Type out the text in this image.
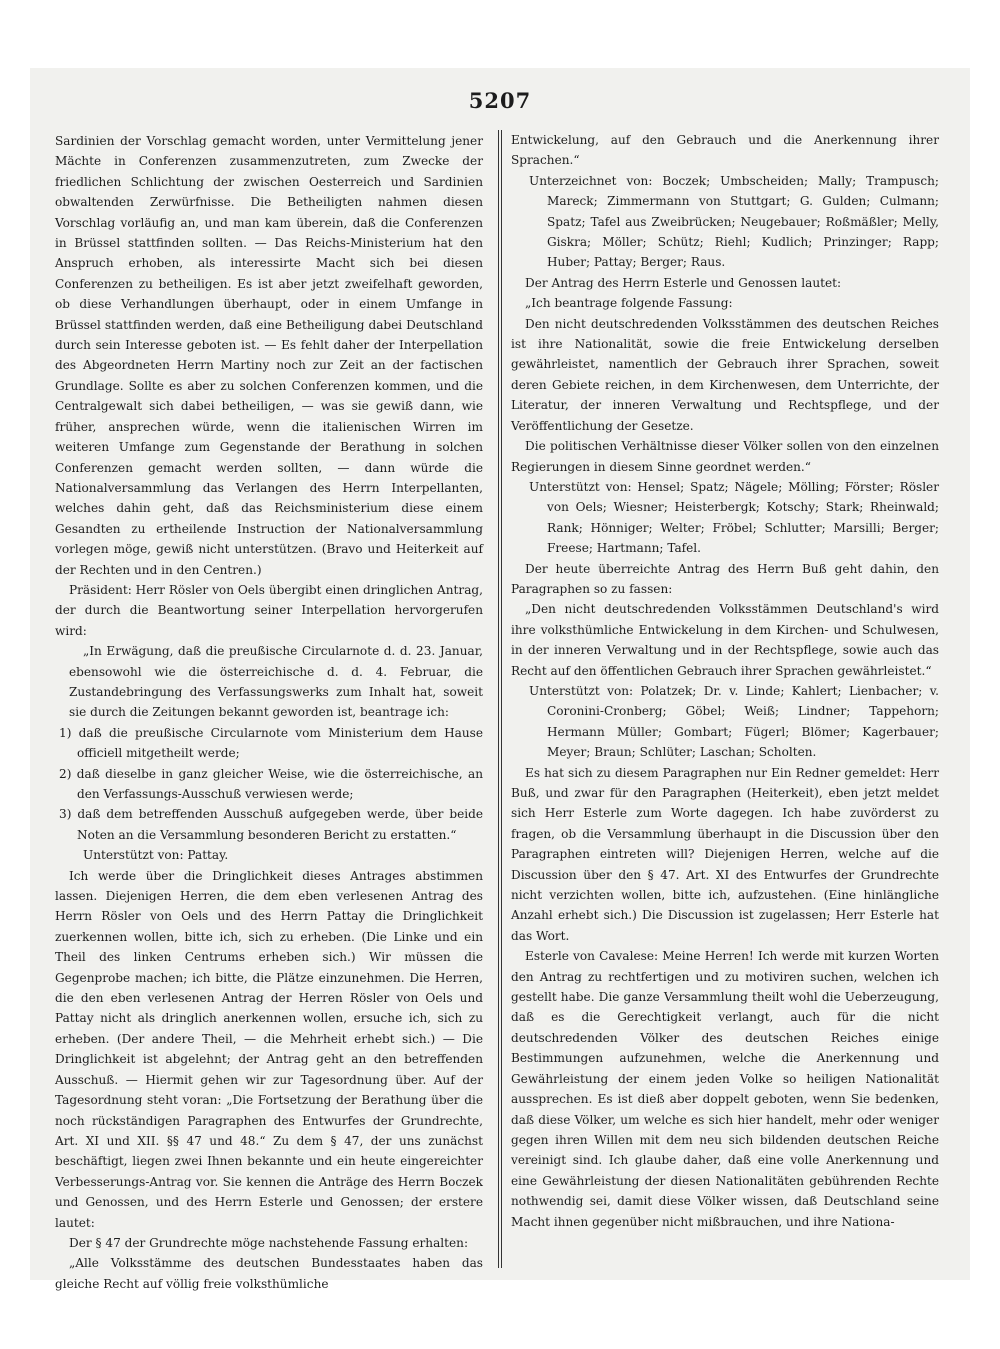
5207

Sardinien der Vorschlag gemacht worden, unter Vermittelung jener Mächte in Conferenzen zusammenzutreten, zum Zwecke der friedlichen Schlichtung der zwischen Oesterreich und Sardinien obwaltenden Zerwürfnisse. Die Betheiligten nahmen diesen Vorschlag vorläufig an, und man kam überein, daß die Conferenzen in Brüssel stattfinden sollten. — Das Reichs-Ministerium hat den Anspruch erhoben, als interessirte Macht sich bei diesen Conferenzen zu betheiligen. Es ist aber jetzt zweifelhaft geworden, ob diese Verhandlungen überhaupt, oder in einem Umfange in Brüssel stattfinden werden, daß eine Betheiligung dabei Deutschland durch sein Interesse geboten ist. — Es fehlt daher der Interpellation des Abgeordneten Herrn Martiny noch zur Zeit an der factischen Grundlage. Sollte es aber zu solchen Conferenzen kommen, und die Centralgewalt sich dabei betheiligen, — was sie gewiß dann, wie früher, ansprechen würde, wenn die italienischen Wirren im weiteren Umfange zum Gegenstande der Berathung in solchen Conferenzen gemacht werden sollten, — dann würde die Nationalversammlung das Verlangen des Herrn Interpellanten, welches dahin geht, daß das Reichsministerium diese einem Gesandten zu ertheilende Instruction der Nationalversammlung vorlegen möge, gewiß nicht unterstützen. (Bravo und Heiterkeit auf der Rechten und in den Centren.)

Präsident: Herr Rösler von Oels übergibt einen dringlichen Antrag, der durch die Beantwortung seiner Interpellation hervorgerufen wird:

„In Erwägung, daß die preußische Circularnote d. d. 23. Januar, ebensowohl wie die österreichische d. d. 4. Februar, die Zustandebringung des Verfassungswerks zum Inhalt hat, soweit sie durch die Zeitungen bekannt geworden ist, beantrage ich:

1) daß die preußische Circularnote vom Ministerium dem Hause officiell mitgetheilt werde;

2) daß dieselbe in ganz gleicher Weise, wie die österreichische, an den Verfassungs-Ausschuß verwiesen werde;

3) daß dem betreffenden Ausschuß aufgegeben werde, über beide Noten an die Versammlung besonderen Bericht zu erstatten.“

Unterstützt von: Pattay.

Ich werde über die Dringlichkeit dieses Antrages abstimmen lassen. Diejenigen Herren, die dem eben verlesenen Antrag des Herrn Rösler von Oels und des Herrn Pattay die Dringlichkeit zuerkennen wollen, bitte ich, sich zu erheben. (Die Linke und ein Theil des linken Centrums erheben sich.) Wir müssen die Gegenprobe machen; ich bitte, die Plätze einzunehmen. Die Herren, die den eben verlesenen Antrag der Herren Rösler von Oels und Pattay nicht als dringlich anerkennen wollen, ersuche ich, sich zu erheben. (Der andere Theil, — die Mehrheit erhebt sich.) — Die Dringlichkeit ist abgelehnt; der Antrag geht an den betreffenden Ausschuß. — Hiermit gehen wir zur Tagesordnung über. Auf der Tagesordnung steht voran: „Die Fortsetzung der Berathung über die noch rückständigen Paragraphen des Entwurfes der Grundrechte, Art. XI und XII. §§ 47 und 48.“ Zu dem § 47, der uns zunächst beschäftigt, liegen zwei Ihnen bekannte und ein heute eingereichter Verbesserungs-Antrag vor. Sie kennen die Anträge des Herrn Boczek und Genossen, und des Herrn Esterle und Genossen; der erstere lautet:

Der § 47 der Grundrechte möge nachstehende Fassung erhalten:

„Alle Volksstämme des deutschen Bundesstaates haben das gleiche Recht auf völlig freie volksthümliche

Entwickelung, auf den Gebrauch und die Anerkennung ihrer Sprachen.“

Unterzeichnet von: Boczek; Umbscheiden; Mally; Trampusch; Mareck; Zimmermann von Stuttgart; G. Gulden; Culmann; Spatz; Tafel aus Zweibrücken; Neugebauer; Roßmäßler; Melly, Giskra; Möller; Schütz; Riehl; Kudlich; Prinzinger; Rapp; Huber; Pattay; Berger; Raus.

Der Antrag des Herrn Esterle und Genossen lautet:

„Ich beantrage folgende Fassung:

Den nicht deutschredenden Volksstämmen des deutschen Reiches ist ihre Nationalität, sowie die freie Entwickelung derselben gewährleistet, namentlich der Gebrauch ihrer Sprachen, soweit deren Gebiete reichen, in dem Kirchenwesen, dem Unterrichte, der Literatur, der inneren Verwaltung und Rechtspflege, und der Veröffentlichung der Gesetze.

Die politischen Verhältnisse dieser Völker sollen von den einzelnen Regierungen in diesem Sinne geordnet werden.“

Unterstützt von: Hensel; Spatz; Nägele; Mölling; Förster; Rösler von Oels; Wiesner; Heisterbergk; Kotschy; Stark; Rheinwald; Rank; Hönniger; Welter; Fröbel; Schlutter; Marsilli; Berger; Freese; Hartmann; Tafel.

Der heute überreichte Antrag des Herrn Buß geht dahin, den Paragraphen so zu fassen:

„Den nicht deutschredenden Volksstämmen Deutschland's wird ihre volksthümliche Entwickelung in dem Kirchen- und Schulwesen, in der inneren Verwaltung und in der Rechtspflege, sowie auch das Recht auf den öffentlichen Gebrauch ihrer Sprachen gewährleistet.“

Unterstützt von: Polatzek; Dr. v. Linde; Kahlert; Lienbacher; v. Coronini-Cronberg; Göbel; Weiß; Lindner; Tappehorn; Hermann Müller; Gombart; Fügerl; Blömer; Kagerbauer; Meyer; Braun; Schlüter; Laschan; Scholten.

Es hat sich zu diesem Paragraphen nur Ein Redner gemeldet: Herr Buß, und zwar für den Paragraphen (Heiterkeit), eben jetzt meldet sich Herr Esterle zum Worte dagegen. Ich habe zuvörderst zu fragen, ob die Versammlung überhaupt in die Discussion über den Paragraphen eintreten will? Diejenigen Herren, welche auf die Discussion über den § 47. Art. XI des Entwurfes der Grundrechte nicht verzichten wollen, bitte ich, aufzustehen. (Eine hinlängliche Anzahl erhebt sich.) Die Discussion ist zugelassen; Herr Esterle hat das Wort.

Esterle von Cavalese: Meine Herren! Ich werde mit kurzen Worten den Antrag zu rechtfertigen und zu motiviren suchen, welchen ich gestellt habe. Die ganze Versammlung theilt wohl die Ueberzeugung, daß es die Gerechtigkeit verlangt, auch für die nicht deutschredenden Völker des deutschen Reiches einige Bestimmungen aufzunehmen, welche die Anerkennung und Gewährleistung der einem jeden Volke so heiligen Nationalität aussprechen. Es ist dieß aber doppelt geboten, wenn Sie bedenken, daß diese Völker, um welche es sich hier handelt, mehr oder weniger gegen ihren Willen mit dem neu sich bildenden deutschen Reiche vereinigt sind. Ich glaube daher, daß eine volle Anerkennung und eine Gewährleistung der diesen Nationalitäten gebührenden Rechte nothwendig sei, damit diese Völker wissen, daß Deutschland seine Macht ihnen gegenüber nicht mißbrauchen, und ihre Nationa-
